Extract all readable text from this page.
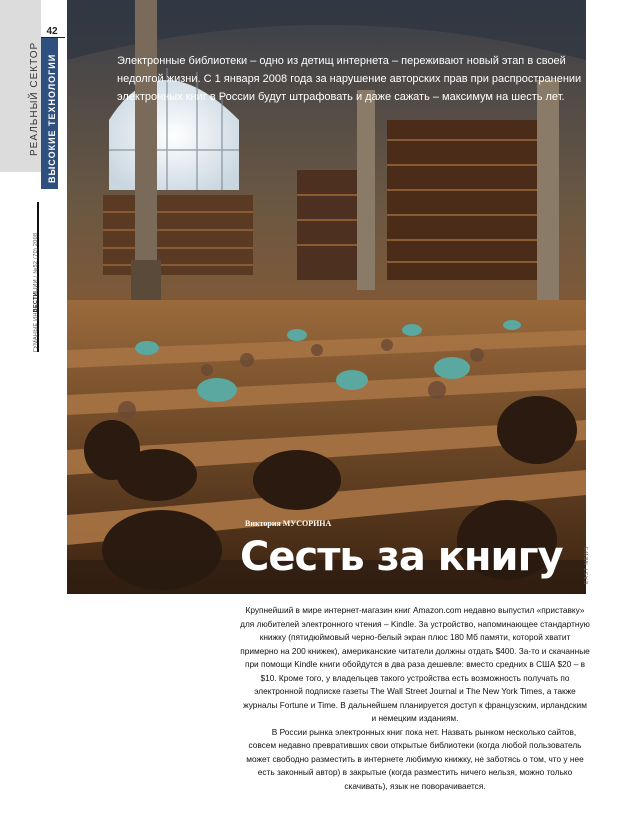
42
РЕАЛЬНЫЙ СЕКТОР ВЫСОКИЕ ТЕХНОЛОГИИ
ГУМАНЫЕ ИНВЕСТИЦИИ / №52 (70) 2008
Электронные библиотеки – одно из детищ интернета – переживают новый этап в своей недолгой жизни. С 1 января 2008 года за нарушение авторских прав при распространении электронных книг в России будут штрафовать и даже сажать – максимум на шесть лет.
Виктория МУСОРИНА
Сесть за книгу	EAST NEWS

Крупнейший в мире интернет-магазин книг Amazon.com недавно выпустил «приставку» для любителей электронного чтения – Kindle. За устройство, напоминающее стандартную книжку (пятидюймовый черно-белый экран плюс 180 Мб памяти, которой хватит примерно на 200 книжек), американские читатели должны отдать $400. За-то и скачанные при помощи Kindle книги обойдутся в два раза дешевле: вместо средних в США $20 – в $10. Кроме того, у владельцев такого устройства есть возможность получать по электронной подписке газеты The Wall Street Journal и The New York Times, а также журналы Fortune и Time. В дальнейшем планируется доступ к французским, ирландским и немецким изданиям.

В России рынка электронных книг пока нет. Назвать рынком несколько сайтов, совсем недавно превративших свои открытые библиотеки (когда любой пользователь может свободно разместить в интернете любимую книжку, не заботясь о том, что у нее есть законный автор) в закрытые (когда разместить ничего нельзя, можно только скачивать), язык не поворачивается.
